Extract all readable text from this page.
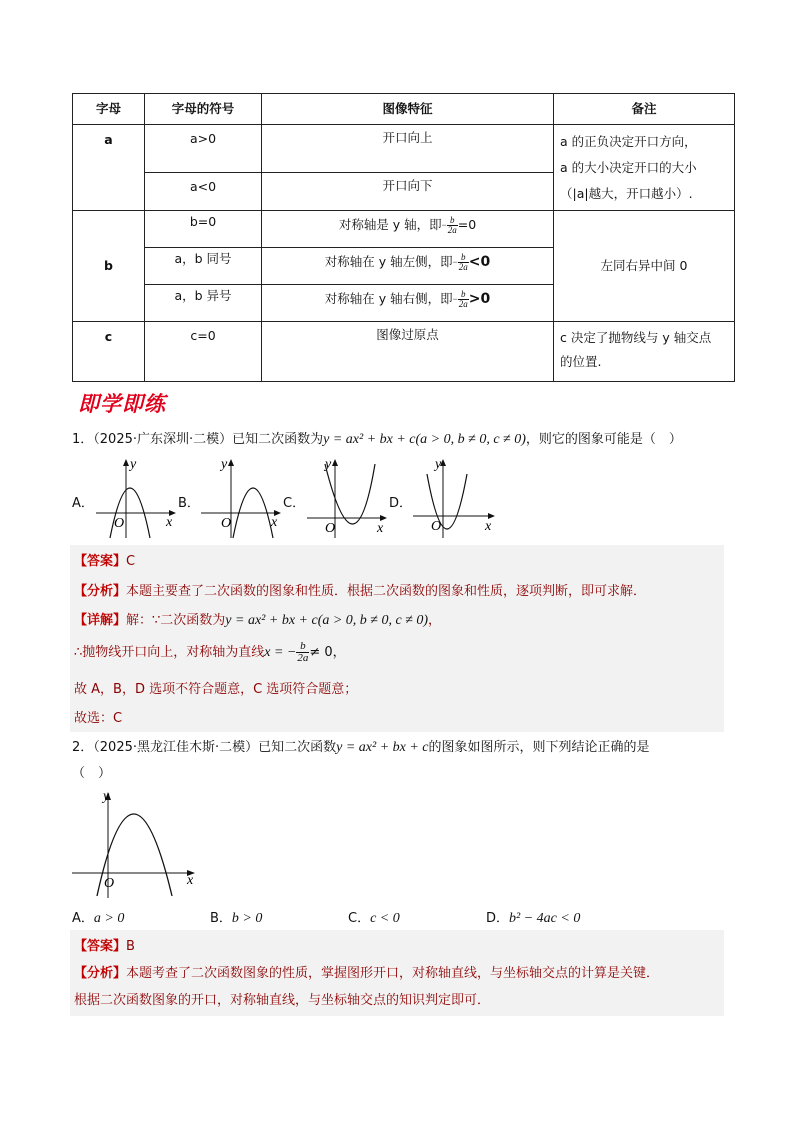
字母	字母的符号	图像特征	备注
a	a>0	开口向上	a 的正负决定开口方向，
a 的大小决定开口的大小
（|a|越大，开口越小）.

	a<0	开口向下	
b	b=0	对称轴是 y 轴，即− $\frac{b}{2a} =0$	左同右异中间 0
	a，b 同号	对称轴在 y 轴左侧，即− $\frac{b}{2a} <0$	
	a，b 异号	对称轴在 y 轴右侧，即− $\frac{b}{2a} >0$	
c	c=0	图像过原点	c 决定了抛物线与 y 轴交点
的位置.
即学即练
1．（2025·广东深圳·二模）已知二次函数为y = ax² + bx + c(a > 0, b ≠ 0, c ≠ 0)，则它的图象可能是（　）
A．	B．	C．	D．
y
x
O
y
x
O
y
x
O
y
x
O
【答案】C
【分析】本题主要查了二次函数的图象和性质．根据二次函数的图象和性质，逐项判断，即可求解．
【详解】解：∵二次函数为y = ax² + bx + c(a > 0, b ≠ 0, c ≠ 0)，
∴抛物线开口向上，对称轴为直线x = − $\frac{b}{2a} \ne 0$，
故 A，B，D 选项不符合题意，C 选项符合题意；
故选：C
2．（2025·黑龙江佳木斯·二模）已知二次函数y = ax² + bx + c的图象如图所示，则下列结论正确的是
（　）
y
x
O
A．a > 0	B．b > 0	C．c < 0	D．b² − 4ac < 0
【答案】B
【分析】本题考查了二次函数图象的性质，掌握图形开口，对称轴直线，与坐标轴交点的计算是关键．
根据二次函数图象的开口，对称轴直线，与坐标轴交点的知识判定即可．
